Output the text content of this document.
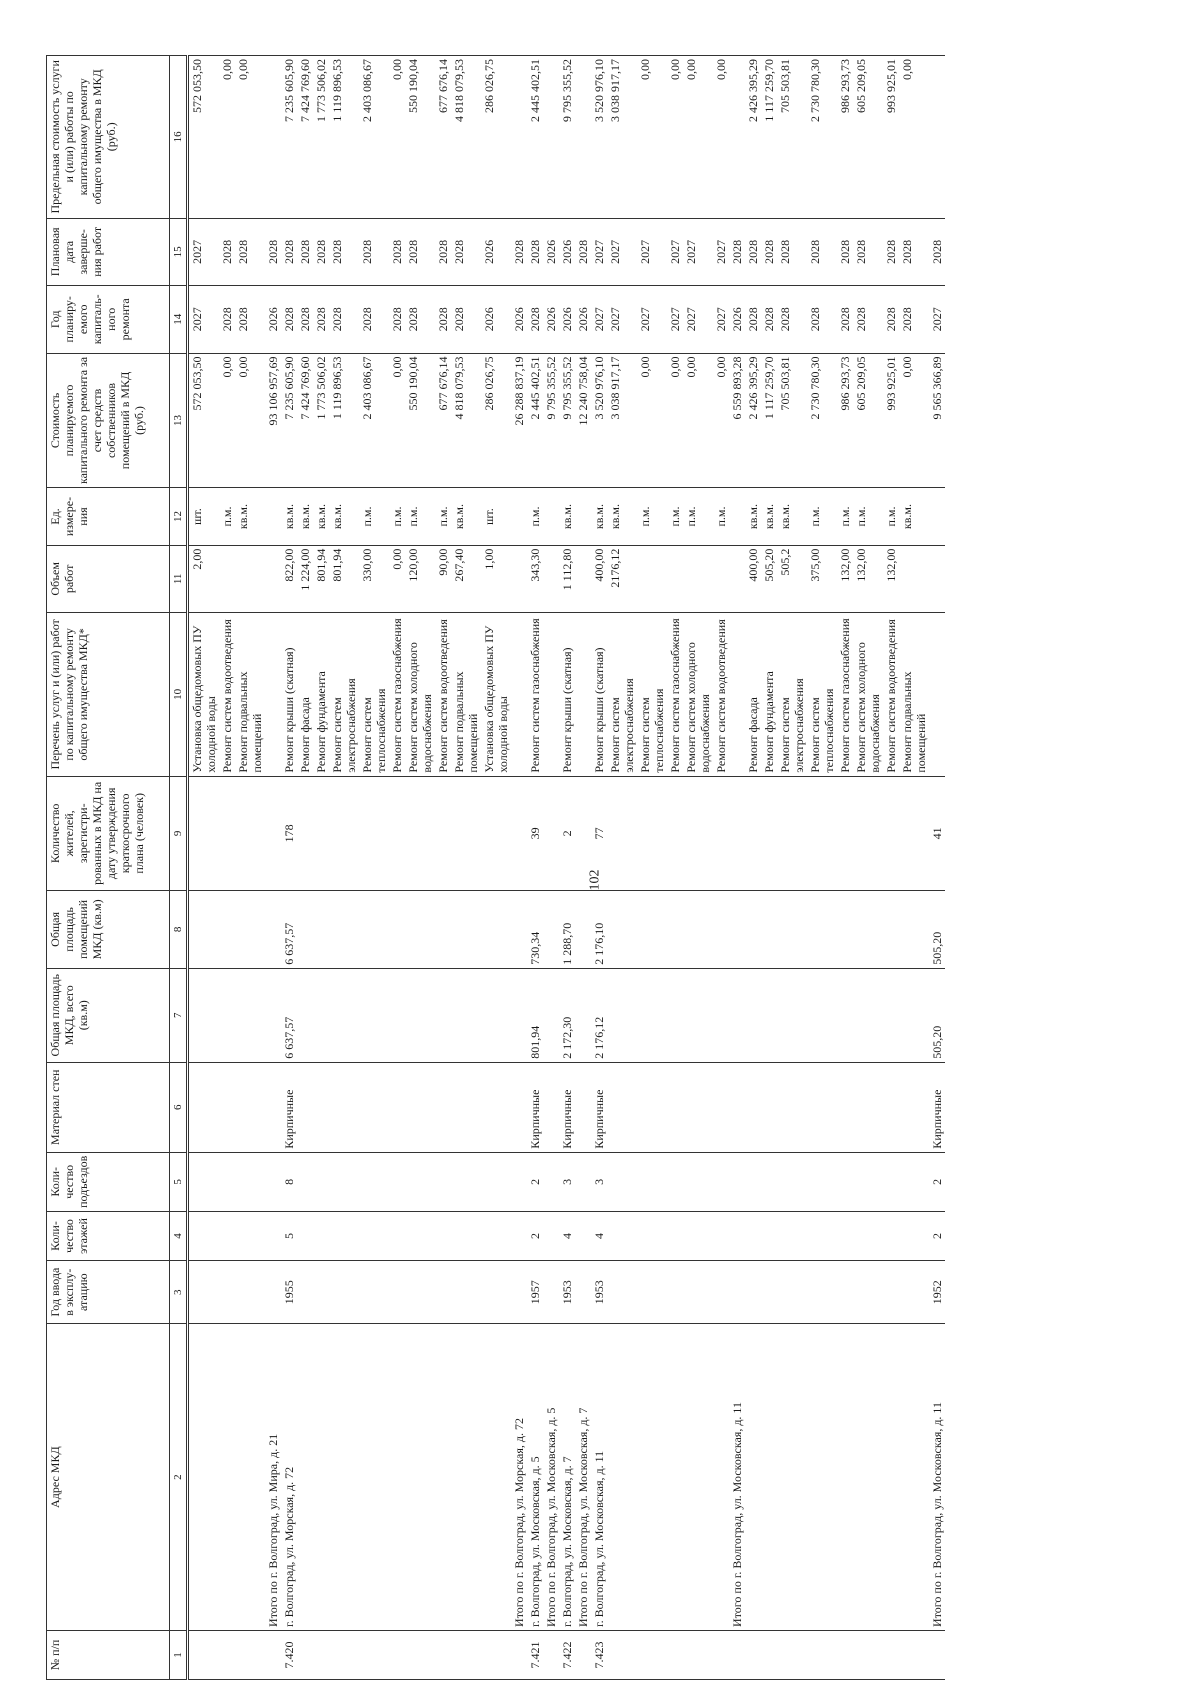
102
№ п/п	Адрес МКД	Год ввода в эксплу-атацию	Коли-чество этажей	Коли-чество подъездов	Материал стен	Общая площадь МКД, всего (кв.м)	Общая площадь помещений МКД (кв.м)	Количество жителей, зарегистри-рованных в МКД на дату утверждения краткосрочного плана (человек)	Перечень услуг и (или) работ по капитальному ремонту общего имущества МКД*	Объем работ	Ед. измере-ния	Стоимость планируемого капитального ремонта за счет средств собственников помещений в МКД (руб.)	Год планиру-емого капиталь-ного ремонта	Плановая дата заверше-ния работ	Предельная стоимость услуги и (или) работы по капитальному ремонту общего имущества в МКД (руб.)
1	2	3	4	5	6	7	8	9	10	11	12	13	14	15	16
									Установка общедомовых ПУ холодной воды	2,00	шт.	572 053,50	2027	2027	572 053,50
									Ремонт систем водоотведения		п.м.	0,00	2028	2028	0,00
									Ремонт подвальных помещений		кв.м.	0,00	2028	2028	0,00
	Итого по г. Волгоград, ул. Мира, д. 21											93 106 957,69	2026	2028	
7.420	г. Волгоград, ул. Морская, д. 72	1955	5	8	Кирпичные	6 637,57	6 637,57	178	Ремонт крыши (скатная)	822,00	кв.м.	7 235 605,90	2028	2028	7 235 605,90
									Ремонт фасада	1 224,00	кв.м.	7 424 769,60	2028	2028	7 424 769,60
									Ремонт фундамента	801,94	кв.м.	1 773 506,02	2028	2028	1 773 506,02
									Ремонт систем электроснабжения	801,94	кв.м.	1 119 896,53	2028	2028	1 119 896,53
									Ремонт систем теплоснабжения	330,00	п.м.	2 403 086,67	2028	2028	2 403 086,67
									Ремонт систем газоснабжения	0,00	п.м.	0,00	2028	2028	0,00
									Ремонт систем холодного водоснабжения	120,00	п.м.	550 190,04	2028	2028	550 190,04
									Ремонт систем водоотведения	90,00	п.м.	677 676,14	2028	2028	677 676,14
									Ремонт подвальных помещений	267,40	кв.м.	4 818 079,53	2028	2028	4 818 079,53
									Установка общедомовых ПУ холодной воды	1,00	шт.	286 026,75	2026	2026	286 026,75
	Итого по г. Волгоград, ул. Морская, д. 72											26 288 837,19	2026	2028	
7.421	г. Волгоград, ул. Московская, д. 5	1957	2	2	Кирпичные	801,94	730,34	39	Ремонт систем газоснабжения	343,30	п.м.	2 445 402,51	2028	2028	2 445 402,51
	Итого по г. Волгоград, ул. Московская, д. 5											9 795 355,52	2026	2026	
7.422	г. Волгоград, ул. Московская, д. 7	1953	4	3	Кирпичные	2 172,30	1 288,70	2	Ремонт крыши (скатная)	1 112,80	кв.м.	9 795 355,52	2026	2026	9 795 355,52
	Итого по г. Волгоград, ул. Московская, д. 7											12 240 758,04	2026	2028	
7.423	г. Волгоград, ул. Московская, д. 11	1953	4	3	Кирпичные	2 176,12	2 176,10	77	Ремонт крыши (скатная)	400,00	кв.м.	3 520 976,10	2027	2027	3 520 976,10
									Ремонт систем электроснабжения	2176,12	кв.м.	3 038 917,17	2027	2027	3 038 917,17
									Ремонт систем теплоснабжения		п.м.	0,00	2027	2027	0,00
									Ремонт систем газоснабжения		п.м.	0,00	2027	2027	0,00
									Ремонт систем холодного водоснабжения		п.м.	0,00	2027	2027	0,00
									Ремонт систем водоотведения		п.м.	0,00	2027	2027	0,00
	Итого по г. Волгоград, ул. Московская, д. 11											6 559 893,28	2026	2028	
									Ремонт фасада	400,00	кв.м.	2 426 395,29	2028	2028	2 426 395,29
									Ремонт фундамента	505,20	кв.м.	1 117 259,70	2028	2028	1 117 259,70
									Ремонт систем электроснабжения	505,2	кв.м.	705 503,81	2028	2028	705 503,81
									Ремонт систем теплоснабжения	375,00	п.м.	2 730 780,30	2028	2028	2 730 780,30
									Ремонт систем газоснабжения	132,00	п.м.	986 293,73	2028	2028	986 293,73
									Ремонт систем холодного водоснабжения	132,00	п.м.	605 209,05	2028	2028	605 209,05
									Ремонт систем водоотведения	132,00	п.м.	993 925,01	2028	2028	993 925,01
									Ремонт подвальных помещений		кв.м.	0,00	2028	2028	0,00
	Итого по г. Волгоград, ул. Московская, д. 11	1952	2	2	Кирпичные	505,20	505,20	41				9 565 366,89	2027	2028	
